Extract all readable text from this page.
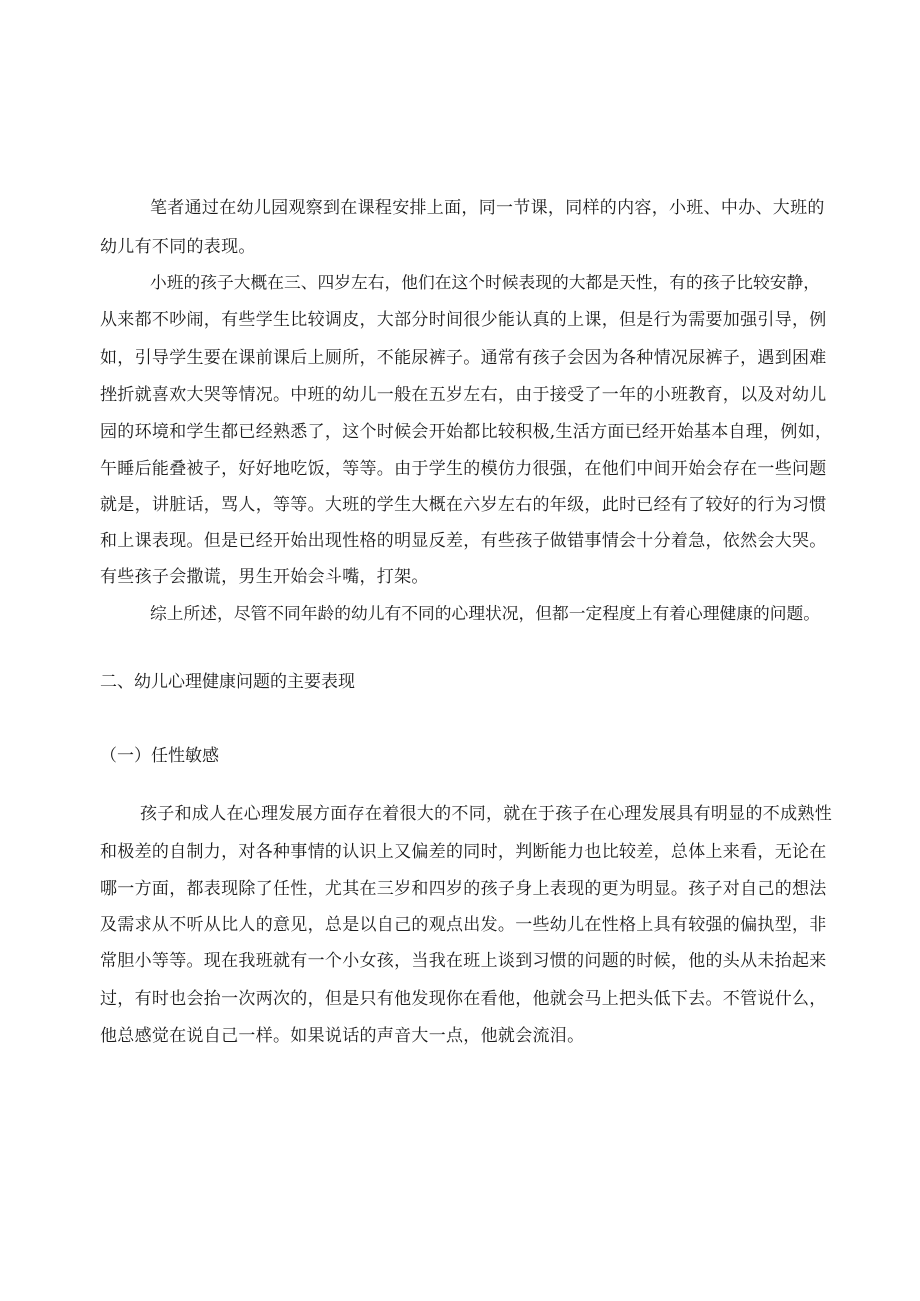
笔者通过在幼儿园观察到在课程安排上面，同一节课，同样的内容，小班、中办、大班的
幼儿有不同的表现。
小班的孩子大概在三、四岁左右，他们在这个时候表现的大都是天性，有的孩子比较安静，
从来都不吵闹，有些学生比较调皮，大部分时间很少能认真的上课，但是行为需要加强引导，例
如，引导学生要在课前课后上厕所，不能尿裤子。通常有孩子会因为各种情况尿裤子，遇到困难
挫折就喜欢大哭等情况。中班的幼儿一般在五岁左右，由于接受了一年的小班教育，以及对幼儿
园的环境和学生都已经熟悉了，这个时候会开始都比较积极,生活方面已经开始基本自理，例如，
午睡后能叠被子，好好地吃饭，等等。由于学生的模仿力很强，在他们中间开始会存在一些问题
就是，讲脏话，骂人，等等。大班的学生大概在六岁左右的年级，此时已经有了较好的行为习惯
和上课表现。但是已经开始出现性格的明显反差，有些孩子做错事情会十分着急，依然会大哭。
有些孩子会撒谎，男生开始会斗嘴，打架。
综上所述，尽管不同年龄的幼儿有不同的心理状况，但都一定程度上有着心理健康的问题。
二、幼儿心理健康问题的主要表现
（一）任性敏感
孩子和成人在心理发展方面存在着很大的不同，就在于孩子在心理发展具有明显的不成熟性
和极差的自制力，对各种事情的认识上又偏差的同时，判断能力也比较差，总体上来看，无论在
哪一方面，都表现除了任性，尤其在三岁和四岁的孩子身上表现的更为明显。孩子对自己的想法
及需求从不听从比人的意见，总是以自己的观点出发。一些幼儿在性格上具有较强的偏执型，非
常胆小等等。现在我班就有一个小女孩，当我在班上谈到习惯的问题的时候，他的头从未抬起来
过，有时也会抬一次两次的，但是只有他发现你在看他，他就会马上把头低下去。不管说什么，
他总感觉在说自己一样。如果说话的声音大一点，他就会流泪。
